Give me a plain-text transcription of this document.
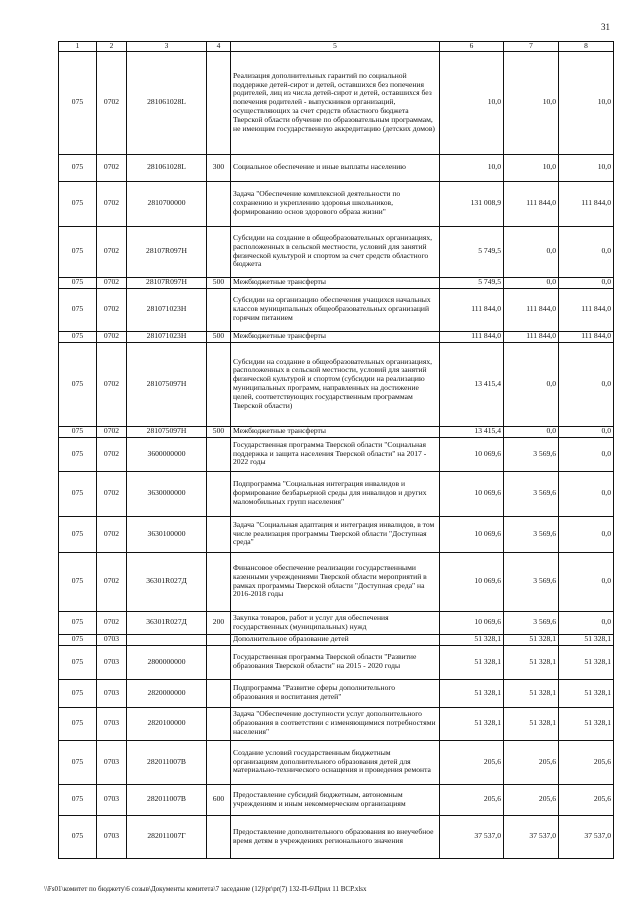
31
1	2	3	4	5	6	7	8
075	0702	281061028L		Реализация дополнительных гарантий по социальной поддержке детей-сирот и детей, оставшихся без попечения родителей, лиц из числа детей-сирот и детей, оставшихся без попечения родителей - выпускников организаций, осуществляющих за счет средств областного бюджета Тверской области обучение по образовательным программам, не имеющим государственную аккредитацию (детских домов)	10,0	10,0	10,0
075	0702	281061028L	300	Социальное обеспечение и иные выплаты населению	10,0	10,0	10,0
075	0702	2810700000		Задача "Обеспечение комплексной деятельности по сохранению и укреплению здоровья школьников, формированию основ здорового образа жизни"	131 008,9	111 844,0	111 844,0
075	0702	28107R097Н		Субсидии на создание в общеобразовательных организациях, расположенных в сельской местности, условий для занятий физической культурой и спортом за счет средств областного бюджета	5 749,5	0,0	0,0
075	0702	28107R097Н	500	Межбюджетные трансферты	5 749,5	0,0	0,0
075	0702	281071023Н		Субсидии на организацию обеспечения учащихся начальных классов муниципальных общеобразовательных организаций горячим питанием	111 844,0	111 844,0	111 844,0
075	0702	281071023Н	500	Межбюджетные трансферты	111 844,0	111 844,0	111 844,0
075	0702	281075097Н		Субсидии на создание в общеобразовательных организациях, расположенных в сельской местности, условий для занятий физической культурой и спортом (субсидии на реализацию муниципальных программ, направленных на достижение целей, соответствующих государственным программам Тверской области)	13 415,4	0,0	0,0
075	0702	281075097Н	500	Межбюджетные трансферты	13 415,4	0,0	0,0
075	0702	3600000000		Государственная программа Тверской области "Социальная поддержка и защита населения Тверской области" на 2017 - 2022 годы	10 069,6	3 569,6	0,0
075	0702	3630000000		Подпрограмма "Социальная интеграция инвалидов и формирование безбарьерной среды для инвалидов и других маломобильных групп населения"	10 069,6	3 569,6	0,0
075	0702	3630100000		Задача "Социальная адаптация и интеграция инвалидов, в том числе реализация программы Тверской области "Доступная среда"	10 069,6	3 569,6	0,0
075	0702	36301R027Д		Финансовое обеспечение реализации государственными казенными учреждениями Тверской области мероприятий в рамках программы Тверской области "Доступная среда" на 2016-2018 годы	10 069,6	3 569,6	0,0
075	0702	36301R027Д	200	Закупка товаров, работ и услуг для обеспечения государственных (муниципальных) нужд	10 069,6	3 569,6	0,0
075	0703			Дополнительное образование детей	51 328,1	51 328,1	51 328,1
075	0703	2800000000		Государственная программа Тверской области "Развитие образования Тверской области" на 2015 - 2020 годы	51 328,1	51 328,1	51 328,1
075	0703	2820000000		Подпрограмма "Развитие сферы дополнительного образования и воспитания детей"	51 328,1	51 328,1	51 328,1
075	0703	2820100000		Задача "Обеспечение доступности услуг дополнительного образования в соответствии с изменяющимися потребностями населения"	51 328,1	51 328,1	51 328,1
075	0703	282011007В		Создание условий государственным бюджетным организациям дополнительного образования детей для материально-технического оснащения и проведения ремонта	205,6	205,6	205,6
075	0703	282011007В	600	Предоставление субсидий бюджетным, автономным учреждениям и иным некоммерческим организациям	205,6	205,6	205,6
075	0703	282011007Г		Предоставление дополнительного образования во внеучебное время детям в учреждениях регионального значения	37 537,0	37 537,0	37 537,0
\\Fs01\комитет по бюджету\6 созыв\Документы комитета\7 заседание (12)\pr\pr(7) 132-П-6\Прил 11 ВСР.xlsx
